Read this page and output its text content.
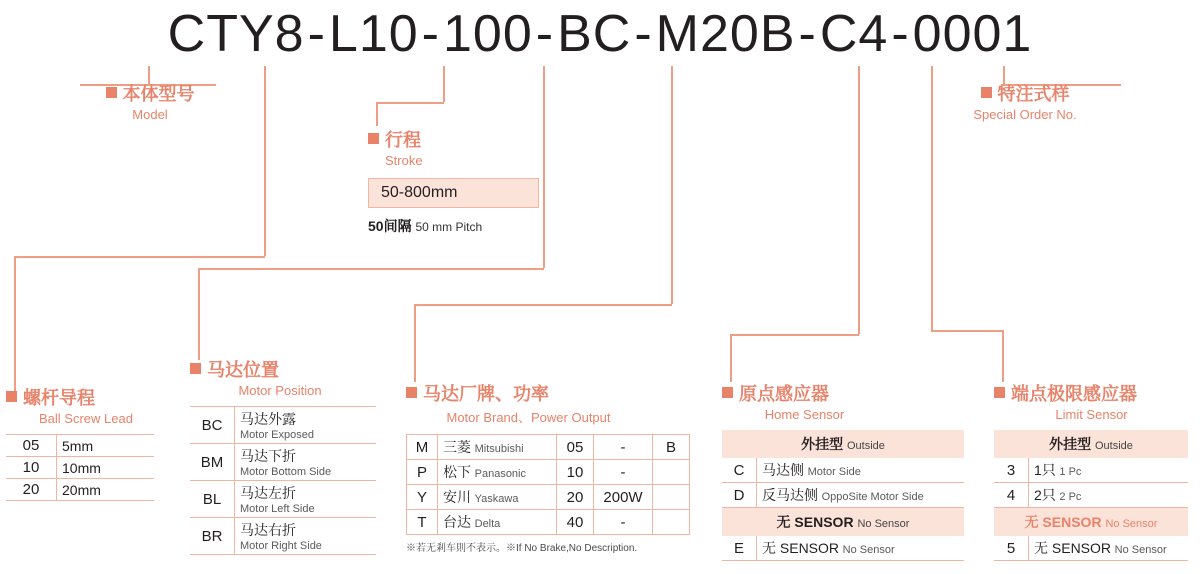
CTY8-L10-100-BC-M20B-C4-0001
本体型号
Model
特注式样
Special Order No.
行程
Stroke
50-800mm
50间隔 50 mm Pitch
螺杆导程
Ball Screw Lead
05	5mm
10	10mm
20	20mm
马达位置
Motor Position
BC	马达外露
Motor Exposed

BM	马达下折
Motor Bottom Side

BL	马达左折
Motor Left Side

BR	马达右折
Motor Right Side
马达厂牌、功率
Motor Brand、Power Output
M	三菱 Mitsubishi	05	-	B
P	松下 Panasonic	10	-	
Y	安川 Yaskawa	20	200W	
T	台达 Delta	40	-	
※若无剎车則不表示。※If No Brake,No Description.
原点感应器
Home Sensor
外挂型 Outside
C	马达侧 Motor Side
D	反马达侧 OppoSite Motor Side
无 SENSOR No Sensor
E	无 SENSOR No Sensor
端点极限感应器
Limit Sensor
外挂型 Outside
3	1只 1 Pc
4	2只 2 Pc
无 SENSOR No Sensor
5	无 SENSOR No Sensor
